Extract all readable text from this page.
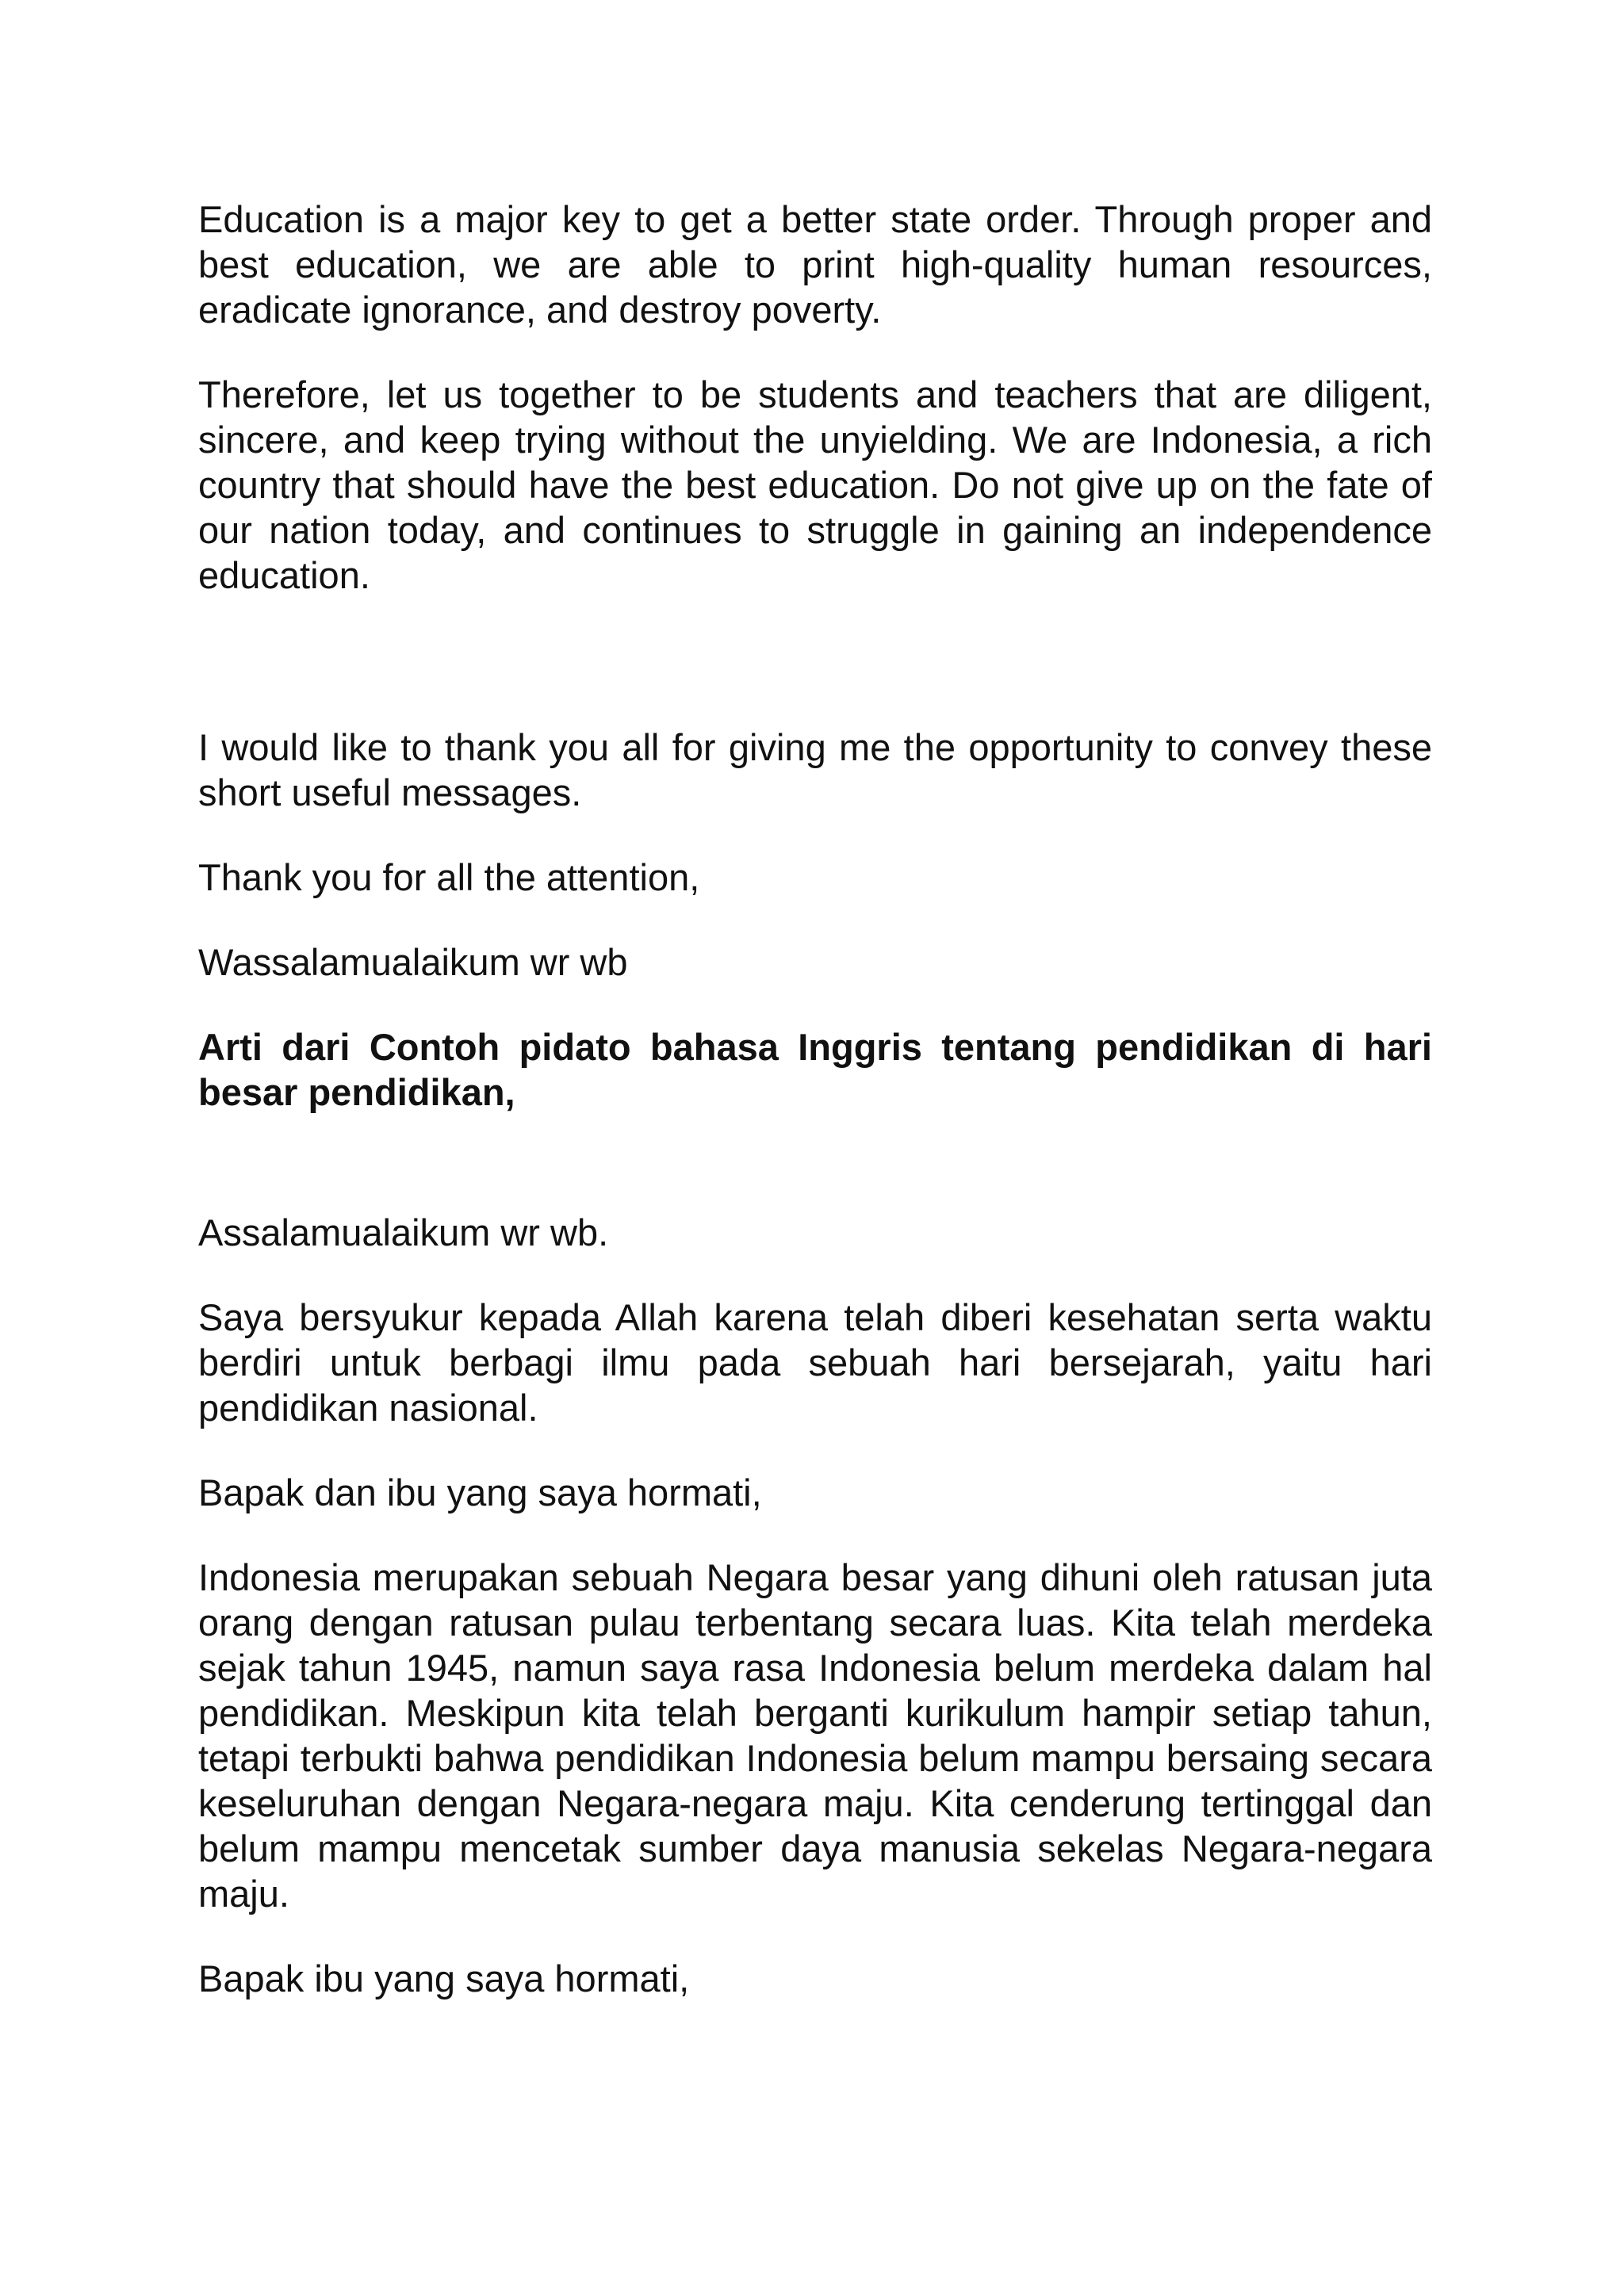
Education is a major key to get a better state order. Through proper and best education, we are able to print high-quality human resources, eradicate ignorance, and destroy poverty.

Therefore, let us together to be students and teachers that are diligent, sincere, and keep trying without the unyielding. We are Indonesia, a rich country that should have the best education. Do not give up on the fate of our nation today, and continues to struggle in gaining an independence education.

I would like to thank you all for giving me the opportunity to convey these short useful messages.

Thank you for all the attention,

Wassalamualaikum wr wb

Arti dari Contoh pidato bahasa Inggris tentang pendidikan di hari besar pendidikan,

Assalamualaikum wr wb.

Saya bersyukur kepada Allah karena telah diberi kesehatan serta waktu berdiri untuk berbagi ilmu pada sebuah hari bersejarah, yaitu hari pendidikan nasional.

Bapak dan ibu yang saya hormati,

Indonesia merupakan sebuah Negara besar yang dihuni oleh ratusan juta orang dengan ratusan pulau terbentang secara luas. Kita telah merdeka sejak tahun 1945, namun saya rasa Indonesia belum merdeka dalam hal pendidikan. Meskipun kita telah berganti kurikulum hampir setiap tahun, tetapi terbukti bahwa pendidikan Indonesia belum mampu bersaing secara keseluruhan dengan Negara-negara maju. Kita cenderung tertinggal dan belum mampu mencetak sumber daya manusia sekelas Negara-negara maju.

Bapak ibu yang saya hormati,
